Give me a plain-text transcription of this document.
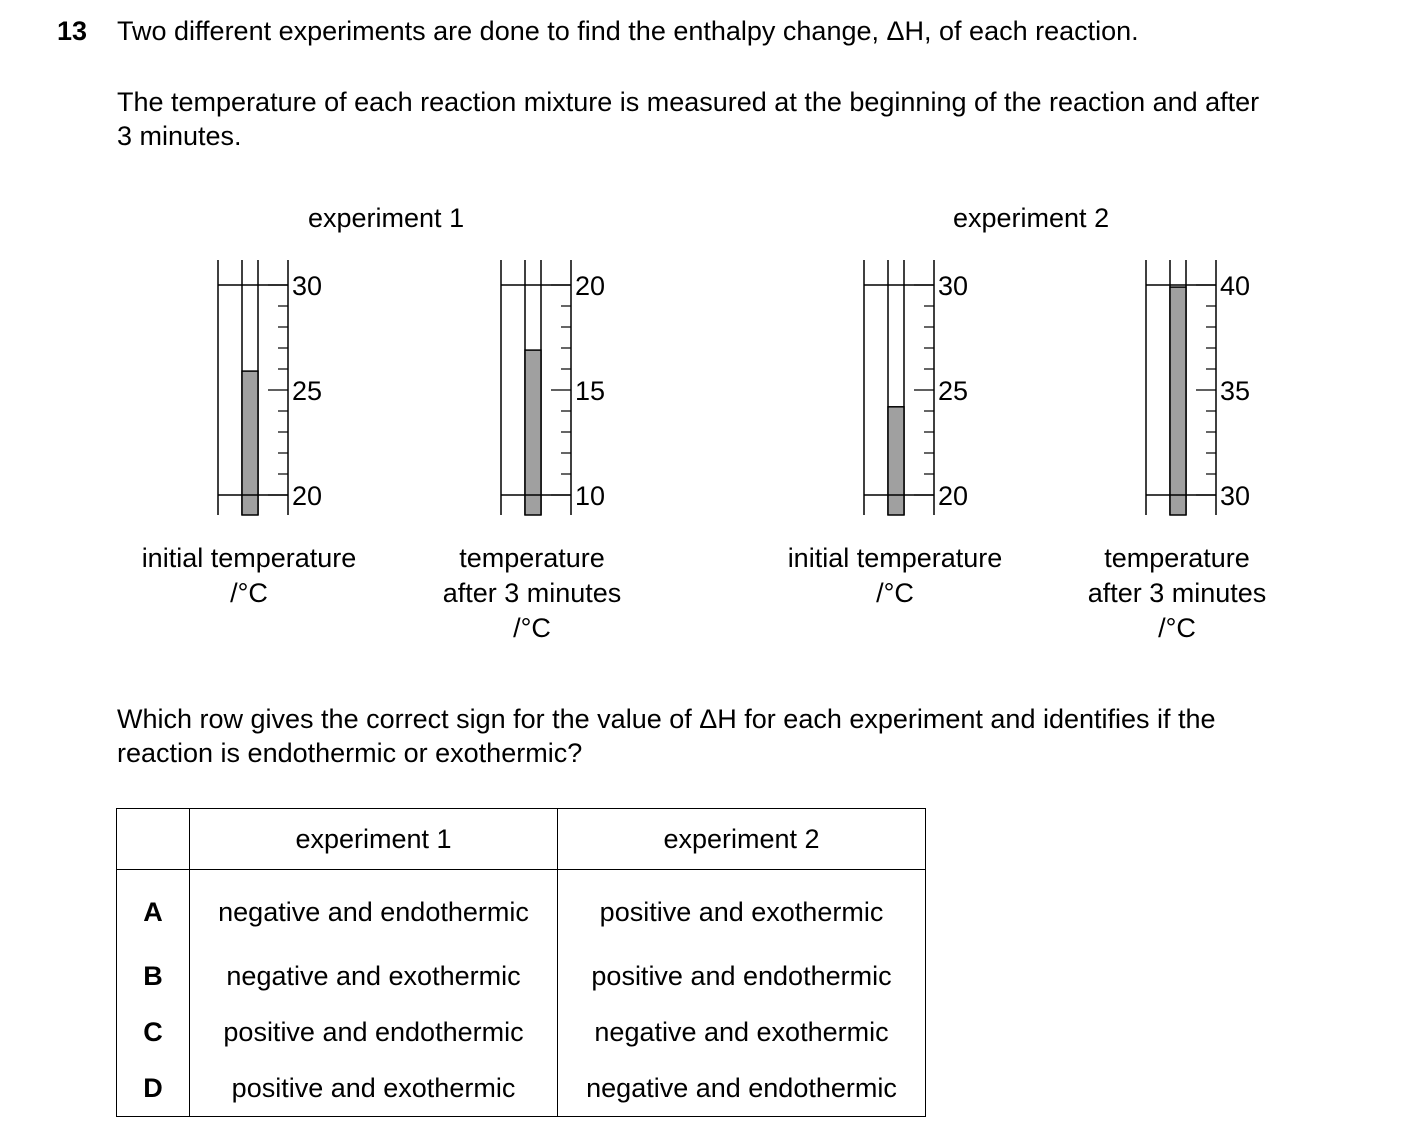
13 Two different experiments are done to find the enthalpy change, ΔH, of each reaction.
The temperature of each reaction mixture is measured at the beginning of the reaction and after
3 minutes.
experiment 1	experiment 2
30
25
20
20
15
10
30
25
20
40
35
30
initial temperature
/°C
temperature
after 3 minutes
/°C
initial temperature
/°C
temperature
after 3 minutes
/°C
Which row gives the correct sign for the value of ΔH for each experiment and identifies if the
reaction is endothermic or exothermic?
	experiment 1	experiment 2
A	negative and endothermic	positive and exothermic
B	negative and exothermic	positive and endothermic
C	positive and endothermic	negative and exothermic
D	positive and exothermic	negative and endothermic
